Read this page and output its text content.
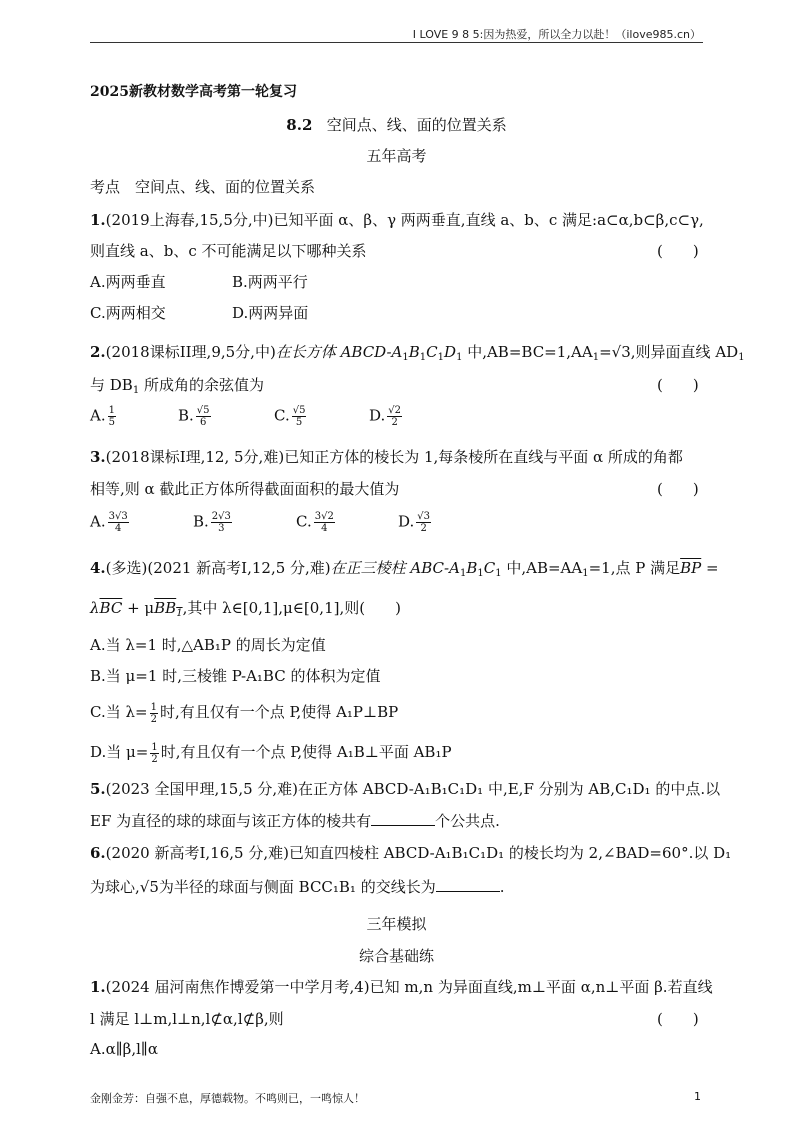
I LOVE 9 8 5:因为热爱，所以全力以赴！（ilove985.cn）
2025新教材数学高考第一轮复习
8.2 空间点、线、面的位置关系
五年高考
考点　空间点、线、面的位置关系
1.(2019上海春,15,5分,中)已知平面 α、β、γ 两两垂直,直线 a、b、c 满足:a⊂α,b⊂β,c⊂γ,
则直线 a、b、c 不可能满足以下哪种关系	(　　)
A.两两垂直	B.两两平行
C.两两相交	D.两两异面
2.(2018课标II理,9,5分,中)在长方体 ABCD-$A_1B_1C_1D_1$ 中$,AB=BC=1,AA_1=√3$,则异面直线 $AD_1$
与 $DB_1$ 所成角的余弦值为	(　　)
A. $\frac{1}{5}$	B. $\frac{√5}{6}$	C. $\frac{√5}{5}$	D. $\frac{√2}{2}$
3.(2018课标I理,12, 5分,难)已知正方体的棱长为 1,每条棱所在直线与平面 α 所成的角都
相等,则 α 截此正方体所得截面面积的最大值为	(　　)
A. $\frac{3√3}{4}$	B. $\frac{2√3}{3}$	C. $\frac{3√2}{4}$	D. $\frac{√3}{2}$
4.(多选)(2021 新高考I,12,5 分,难)在正三棱柱 ABC-$A_1B_1C_1$ 中$,AB=AA_1=1$,点 P 满足$\overline{BP}$ =
$\lambda\overline{BC} + \mu BB_1$,其中 λ∈[0,1],μ∈[0,1],则(　　)
A.当 λ=1 时,△AB₁P 的周长为定值
B.当 μ=1 时,三棱锥 P-A₁BC 的体积为定值
C.当 $\lambda= \frac{1}{2}$ 时,有且仅有一个点 P,使得 A₁P⊥BP
D.当 $\mu= \frac{1}{2}$ 时,有且仅有一个点 P,使得 A₁B⊥平面 AB₁P
5.(2023 全国甲理,15,5 分,难)在正方体 ABCD-A₁B₁C₁D₁ 中,E,F 分别为 AB,C₁D₁ 的中点.以
EF 为直径的球的球面与该正方体的棱共有	个公共点.
6.(2020 新高考I,16,5 分,难)已知直四棱柱 ABCD-A₁B₁C₁D₁ 的棱长均为 2,∠BAD=60°.以 D₁
为球心,√5为半径的球面与侧面 BCC₁B₁ 的交线长为	.
三年模拟
综合基础练
1.(2024 届河南焦作博爱第一中学月考,4)已知 m,n 为异面直线,m⊥平面 α,n⊥平面 β.若直线
l 满足 l⊥m,l⊥n,l⊄α,l⊄β,则	(　　)
A.α∥β,l∥α
金刚金芳：自强不息，厚德载物。不鸣则已，一鸣惊人！	1
